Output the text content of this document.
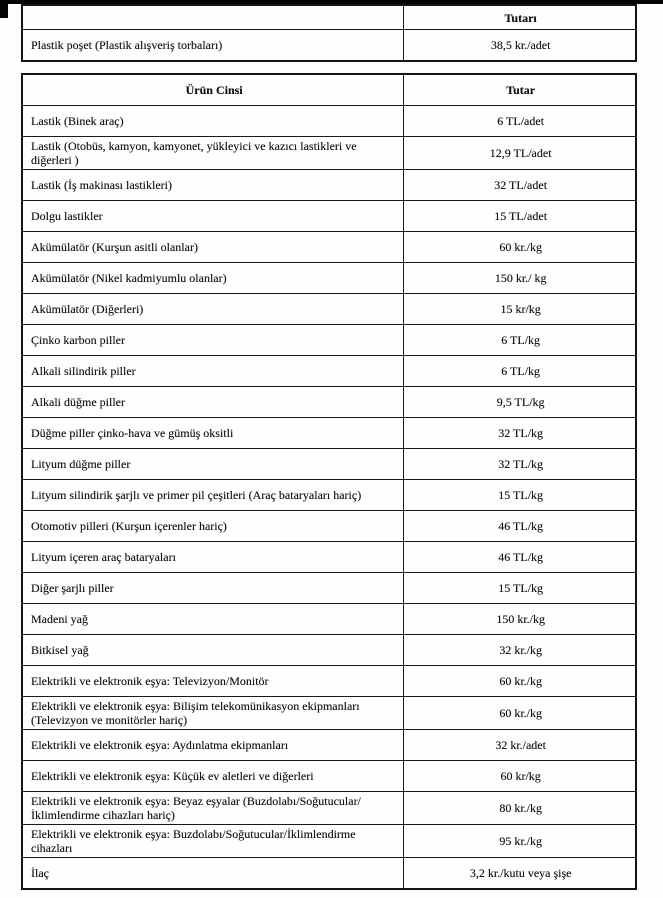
	Tutarı
Plastik poşet (Plastik alışveriş torbaları)	38,5 kr./adet
Ürün Cinsi	Tutar
Lastik (Binek araç)	6 TL/adet
Lastik (Otobüs, kamyon, kamyonet, yükleyici ve kazıcı lastikleri ve diğerleri )	12,9 TL/adet
Lastik (İş makinası lastikleri)	32 TL/adet
Dolgu lastikler	15 TL/adet
Akümülatör (Kurşun asitli olanlar)	60 kr./kg
Akümülatör (Nikel kadmiyumlu olanlar)	150 kr./ kg
Akümülatör (Diğerleri)	15 kr/kg
Çinko karbon piller	6 TL/kg
Alkali silindirik piller	6 TL/kg
Alkali düğme piller	9,5 TL/kg
Düğme piller çinko-hava ve gümüş oksitli	32 TL/kg
Lityum düğme piller	32 TL/kg
Lityum silindirik şarjlı ve primer pil çeşitleri (Araç bataryaları hariç)	15 TL/kg
Otomotiv pilleri (Kurşun içerenler hariç)	46 TL/kg
Lityum içeren araç bataryaları	46 TL/kg
Diğer şarjlı piller	15 TL/kg
Madeni yağ	150 kr./kg
Bitkisel yağ	32 kr./kg
Elektrikli ve elektronik eşya: Televizyon/Monitör	60 kr./kg
Elektrikli ve elektronik eşya: Bilişim telekomünikasyon ekipmanları (Televizyon ve monitörler hariç)	60 kr./kg
Elektrikli ve elektronik eşya: Aydınlatma ekipmanları	32 kr./adet
Elektrikli ve elektronik eşya: Küçük ev aletleri ve diğerleri	60 kr/kg
Elektrikli ve elektronik eşya: Beyaz eşyalar (Buzdolabı/Soğutucular/İklimlendirme cihazları hariç)	80 kr./kg
Elektrikli ve elektronik eşya: Buzdolabı/Soğutucular/İklimlendirme cihazları	95 kr./kg
İlaç	3,2 kr./kutu veya şişe
